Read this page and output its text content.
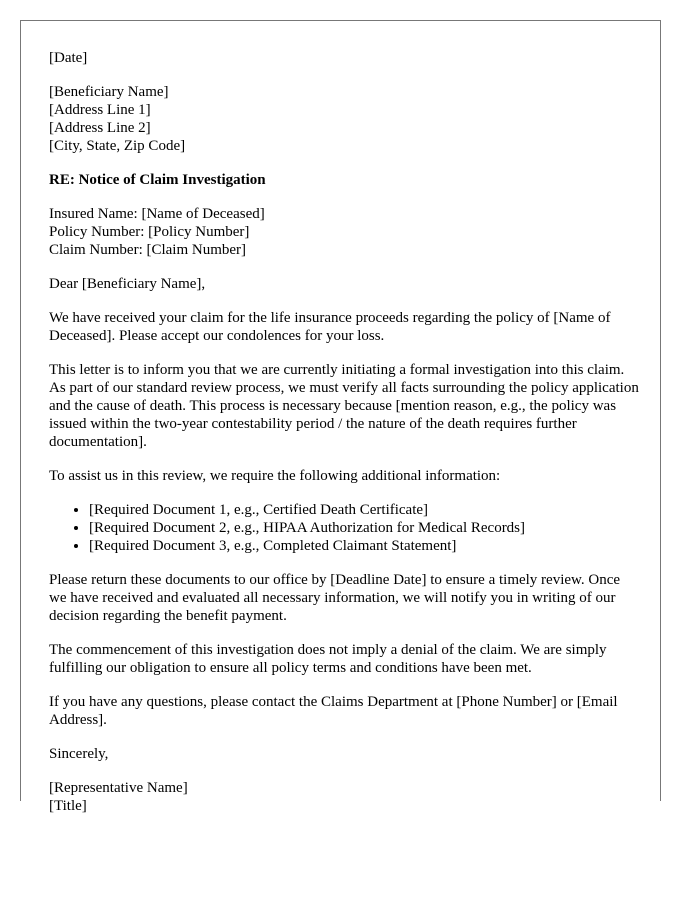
[Date]
[Beneficiary Name]
[Address Line 1]
[Address Line 2]
[City, State, Zip Code]
RE: Notice of Claim Investigation
Insured Name: [Name of Deceased]
Policy Number: [Policy Number]
Claim Number: [Claim Number]

Dear [Beneficiary Name],

We have received your claim for the life insurance proceeds regarding the policy of [Name of Deceased]. Please accept our condolences for your loss.

This letter is to inform you that we are currently initiating a formal investigation into this claim. As part of our standard review process, we must verify all facts surrounding the policy application and the cause of death. This process is necessary because [mention reason, e.g., the policy was issued within the two-year contestability period / the nature of the death requires further documentation].

To assist us in this review, we require the following additional information:

• [Required Document 1, e.g., Certified Death Certificate]
• [Required Document 2, e.g., HIPAA Authorization for Medical Records]
• [Required Document 3, e.g., Completed Claimant Statement]

Please return these documents to our office by [Deadline Date] to ensure a timely review. Once we have received and evaluated all necessary information, we will notify you in writing of our decision regarding the benefit payment.

The commencement of this investigation does not imply a denial of the claim. We are simply fulfilling our obligation to ensure all policy terms and conditions have been met.

If you have any questions, please contact the Claims Department at [Phone Number] or [Email Address].

Sincerely,

[Representative Name]
[Title]
